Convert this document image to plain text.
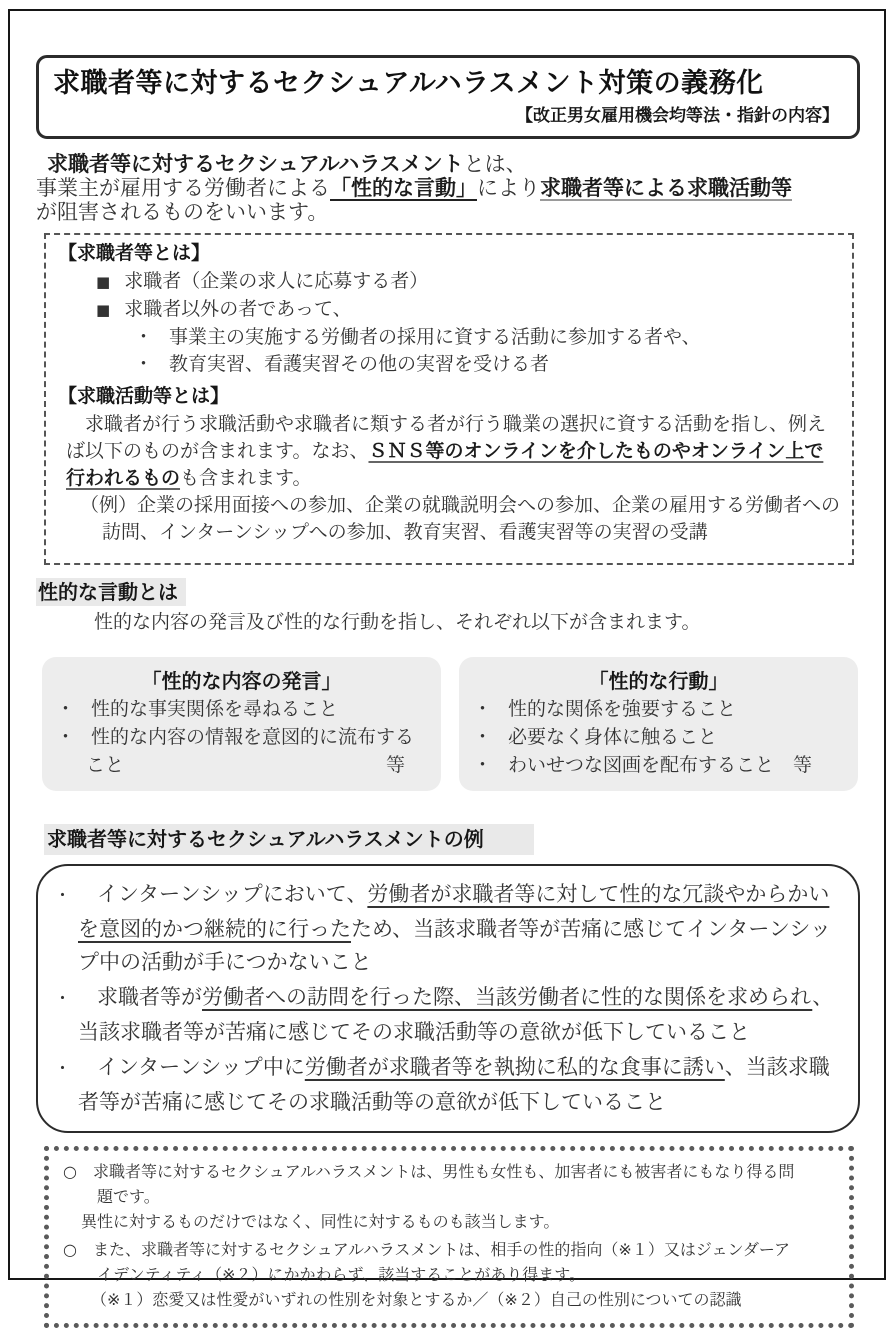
求職者等に対するセクシュアルハラスメント対策の義務化
【改正男女雇用機会均等法・指針の内容】
求職者等に対するセクシュアルハラスメントとは、
事業主が雇用する労働者による「性的な言動」により求職者等による求職活動等
が阻害されるものをいいます。
【求職者等とは】
■ 求職者（企業の求人に応募する者）
■ 求職者以外の者であって、
・ 事業主の実施する労働者の採用に資する活動に参加する者や、
・ 教育実習、看護実習その他の実習を受ける者
【求職活動等とは】
求職者が行う求職活動や求職者に類する者が行う職業の選択に資する活動を指し、例えば以下のものが含まれます。なお、ＳＮＳ等のオンラインを介したものやオンライン上で行われるものも含まれます。
（例）企業の採用面接への参加、企業の就職説明会への参加、企業の雇用する労働者への訪問、インターンシップへの参加、教育実習、看護実習等の実習の受講
性的な言動とは
性的な内容の発言及び性的な行動を指し、それぞれ以下が含まれます。
「性的な内容の発言」
・ 性的な事実関係を尋ねること
・ 性的な内容の情報を意図的に流布すること	等
「性的な行動」
・ 性的な関係を強要すること
・ 必要なく身体に触ること
・ わいせつな図画を配布すること　等
求職者等に対するセクシュアルハラスメントの例
・ インターンシップにおいて、労働者が求職者等に対して性的な冗談やからかいを意図的かつ継続的に行ったため、当該求職者等が苦痛に感じてインターンシップ中の活動が手につかないこと
・ 求職者等が労働者への訪問を行った際、当該労働者に性的な関係を求められ、当該求職者等が苦痛に感じてその求職活動等の意欲が低下していること
・ インターンシップ中に労働者が求職者等を執拗に私的な食事に誘い、当該求職者等が苦痛に感じてその求職活動等の意欲が低下していること
○ 求職者等に対するセクシュアルハラスメントは、男性も女性も、加害者にも被害者にもなり得る問題です。
異性に対するものだけではなく、同性に対するものも該当します。
○ また、求職者等に対するセクシュアルハラスメントは、相手の性的指向（※１）又はジェンダーアイデンティティ（※２）にかかわらず、該当することがあり得ます。
（※１）恋愛又は性愛がいずれの性別を対象とするか／（※２）自己の性別についての認識
